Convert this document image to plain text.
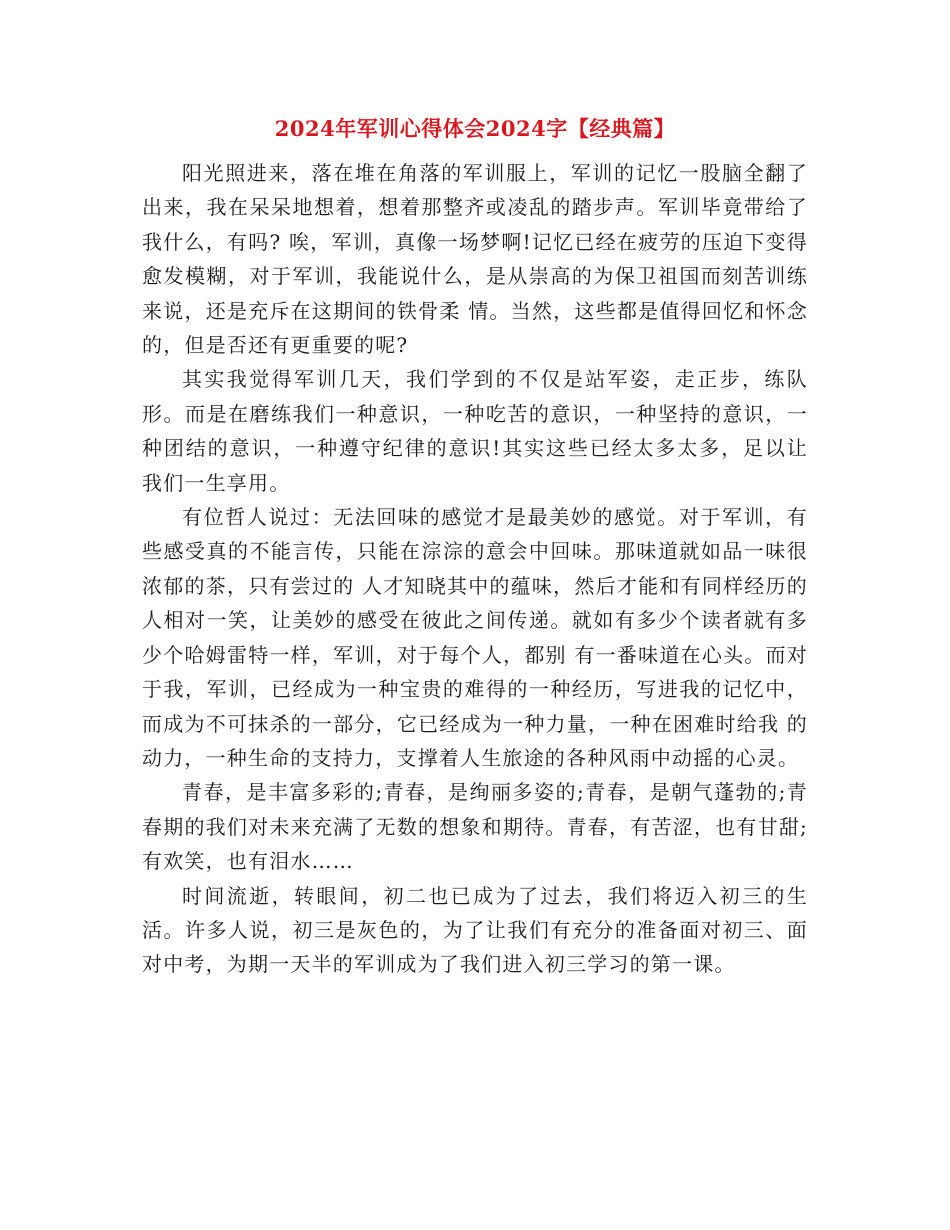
2024年军训心得体会2024字【经典篇】

阳光照进来，落在堆在角落的军训服上，军训的记忆一股脑全翻了出来，我在呆呆地想着，想着那整齐或凌乱的踏步声。军训毕竟带给了我什么，有吗? 唉，军训，真像一场梦啊!记忆已经在疲劳的压迫下变得愈发模糊，对于军训，我能说什么，是从崇高的为保卫祖国而刻苦训练来说，还是充斥在这期间的铁骨柔 情。当然，这些都是值得回忆和怀念的，但是否还有更重要的呢?

其实我觉得军训几天，我们学到的不仅是站军姿，走正步，练队形。而是在磨练我们一种意识，一种吃苦的意识，一种坚持的意识，一种团结的意识，一种遵守纪律的意识!其实这些已经太多太多，足以让我们一生享用。

有位哲人说过：无法回味的感觉才是最美妙的感觉。对于军训，有些感受真的不能言传，只能在淙淙的意会中回味。那味道就如品一味很浓郁的茶，只有尝过的 人才知晓其中的蕴味，然后才能和有同样经历的人相对一笑，让美妙的感受在彼此之间传递。就如有多少个读者就有多少个哈姆雷特一样，军训，对于每个人，都别 有一番味道在心头。而对于我，军训，已经成为一种宝贵的难得的一种经历，写进我的记忆中，而成为不可抹杀的一部分，它已经成为一种力量，一种在困难时给我 的动力，一种生命的支持力，支撑着人生旅途的各种风雨中动摇的心灵。

青春，是丰富多彩的;青春，是绚丽多姿的;青春，是朝气蓬勃的;青春期的我们对未来充满了无数的想象和期待。青春，有苦涩，也有甘甜;有欢笑，也有泪水……

时间流逝，转眼间，初二也已成为了过去，我们将迈入初三的生活。许多人说，初三是灰色的，为了让我们有充分的准备面对初三、面对中考，为期一天半的军训成为了我们进入初三学习的第一课。
